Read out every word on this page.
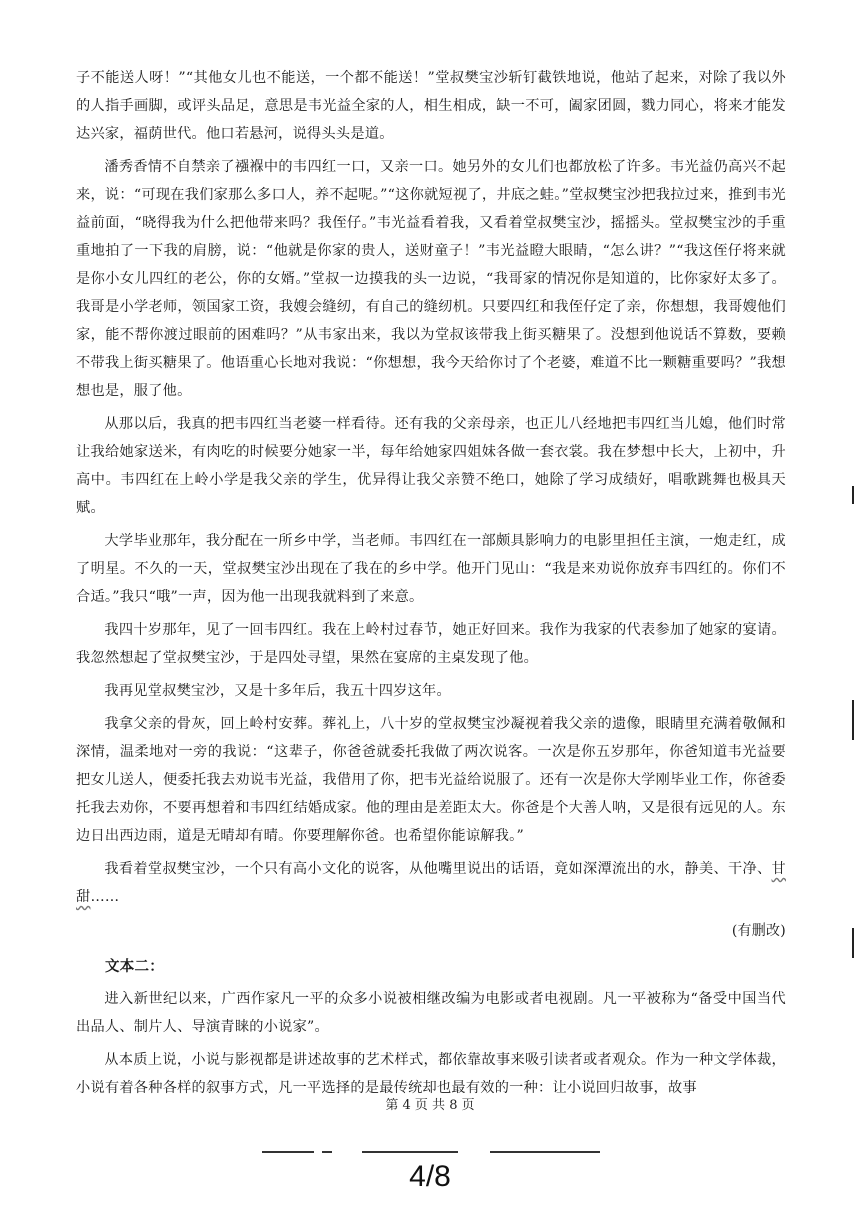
子不能送人呀！”“其他女儿也不能送，一个都不能送！”堂叔樊宝沙斩钉截铁地说，他站了起来，对除了我以外的人指手画脚，或评头品足，意思是韦光益全家的人，相生相成，缺一不可，阖家团圆，戮力同心，将来才能发达兴家，福荫世代。他口若悬河，说得头头是道。

潘秀香情不自禁亲了襁褓中的韦四红一口，又亲一口。她另外的女儿们也都放松了许多。韦光益仍高兴不起来，说：“可现在我们家那么多口人，养不起呢。”“这你就短视了，井底之蛙。”堂叔樊宝沙把我拉过来，推到韦光益前面，“晓得我为什么把他带来吗？我侄仔。”韦光益看着我，又看着堂叔樊宝沙，摇摇头。堂叔樊宝沙的手重重地拍了一下我的肩膀，说：“他就是你家的贵人，送财童子！”韦光益瞪大眼睛，“怎么讲？”“我这侄仔将来就是你小女儿四红的老公，你的女婿。”堂叔一边摸我的头一边说，“我哥家的情况你是知道的，比你家好太多了。我哥是小学老师，领国家工资，我嫂会缝纫，有自己的缝纫机。只要四红和我侄仔定了亲，你想想，我哥嫂他们家，能不帮你渡过眼前的困难吗？”从韦家出来，我以为堂叔该带我上街买糖果了。没想到他说话不算数，要赖不带我上街买糖果了。他语重心长地对我说：“你想想，我今天给你讨了个老婆，难道不比一颗糖重要吗？”我想想也是，服了他。

从那以后，我真的把韦四红当老婆一样看待。还有我的父亲母亲，也正儿八经地把韦四红当儿媳，他们时常让我给她家送米，有肉吃的时候要分她家一半，每年给她家四姐妹各做一套衣裳。我在梦想中长大，上初中，升高中。韦四红在上岭小学是我父亲的学生，优异得让我父亲赞不绝口，她除了学习成绩好，唱歌跳舞也极具天赋。

大学毕业那年，我分配在一所乡中学，当老师。韦四红在一部颇具影响力的电影里担任主演，一炮走红，成了明星。不久的一天，堂叔樊宝沙出现在了我在的乡中学。他开门见山：“我是来劝说你放弃韦四红的。你们不合适。”我只“哦”一声，因为他一出现我就料到了来意。

我四十岁那年，见了一回韦四红。我在上岭村过春节，她正好回来。我作为我家的代表参加了她家的宴请。我忽然想起了堂叔樊宝沙，于是四处寻望，果然在宴席的主桌发现了他。

我再见堂叔樊宝沙，又是十多年后，我五十四岁这年。

我拿父亲的骨灰，回上岭村安葬。葬礼上，八十岁的堂叔樊宝沙凝视着我父亲的遗像，眼睛里充满着敬佩和深情，温柔地对一旁的我说：“这辈子，你爸爸就委托我做了两次说客。一次是你五岁那年，你爸知道韦光益要把女儿送人，便委托我去劝说韦光益，我借用了你，把韦光益给说服了。还有一次是你大学刚毕业工作，你爸委托我去劝你，不要再想着和韦四红结婚成家。他的理由是差距太大。你爸是个大善人呐，又是很有远见的人。东边日出西边雨，道是无晴却有晴。你要理解你爸。也希望你能谅解我。”

我看着堂叔樊宝沙，一个只有高小文化的说客，从他嘴里说出的话语，竟如深潭流出的水，静美、干净、甘甜……

(有删改)
文本二：

进入新世纪以来，广西作家凡一平的众多小说被相继改编为电影或者电视剧。凡一平被称为“备受中国当代出品人、制片人、导演青睐的小说家”。

从本质上说，小说与影视都是讲述故事的艺术样式，都依靠故事来吸引读者或者观众。作为一种文学体裁，小说有着各种各样的叙事方式，凡一平选择的是最传统却也最有效的一种：让小说回归故事，故事

第 4 页 共 8 页
4/8
